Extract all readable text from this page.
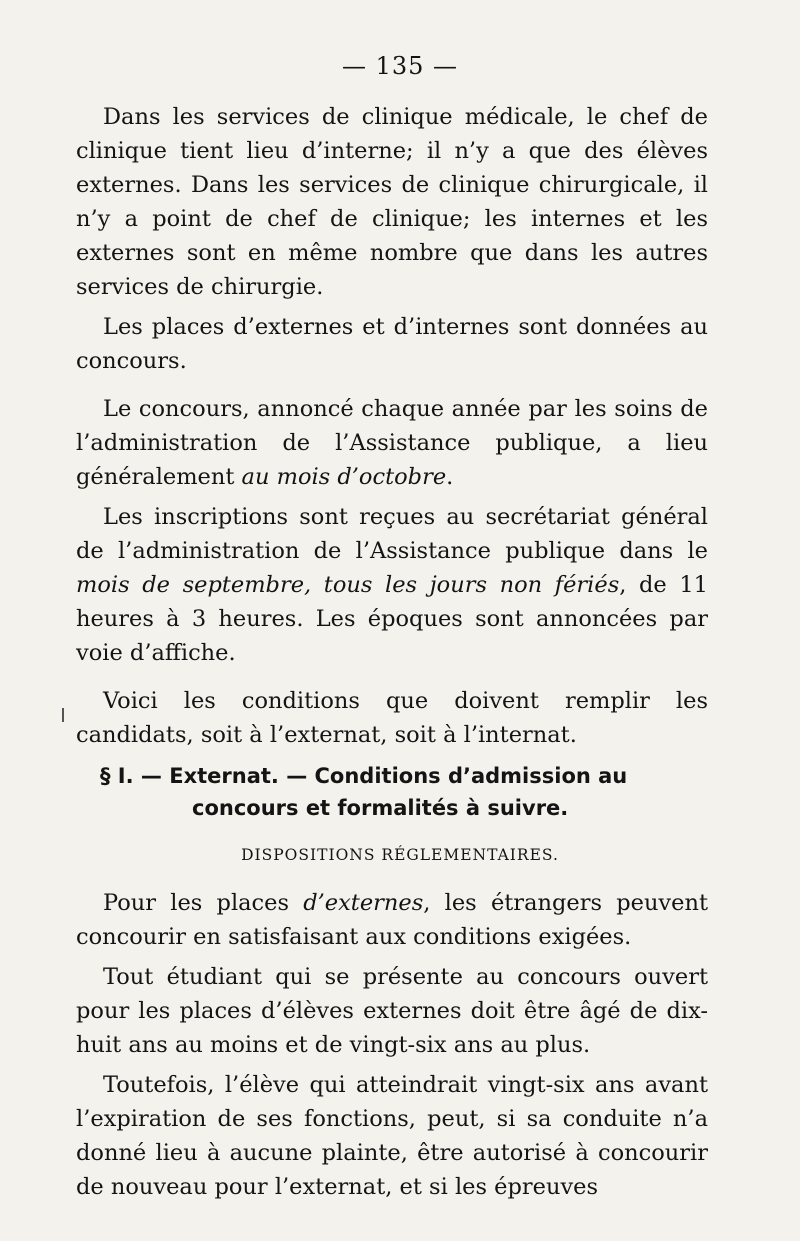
— 135 —

Dans les services de clinique médicale, le chef de clinique tient lieu d’interne; il n’y a que des élèves externes. Dans les services de clinique chirurgicale, il n’y a point de chef de clinique; les internes et les externes sont en même nombre que dans les autres services de chirurgie.

Les places d’externes et d’internes sont données au concours.

Le concours, annoncé chaque année par les soins de l’administration de l’Assistance publique, a lieu généralement au mois d’octobre.

Les inscriptions sont reçues au secrétariat général de l’administration de l’Assistance publique dans le mois de septembre, tous les jours non fériés, de 11 heures à 3 heures. Les époques sont annoncées par voie d’affiche.

Voici les conditions que doivent remplir les candidats, soit à l’externat, soit à l’internat.

§ I. — Externat. — Conditions d’admission au
concours et formalités à suivre.
DISPOSITIONS RÉGLEMENTAIRES.

Pour les places d’externes, les étrangers peuvent concourir en satisfaisant aux conditions exigées.

Tout étudiant qui se présente au concours ouvert pour les places d’élèves externes doit être âgé de dix-huit ans au moins et de vingt-six ans au plus.

Toutefois, l’élève qui atteindrait vingt-six ans avant l’expiration de ses fonctions, peut, si sa conduite n’a donné lieu à aucune plainte, être autorisé à concourir de nouveau pour l’externat, et si les épreuves
